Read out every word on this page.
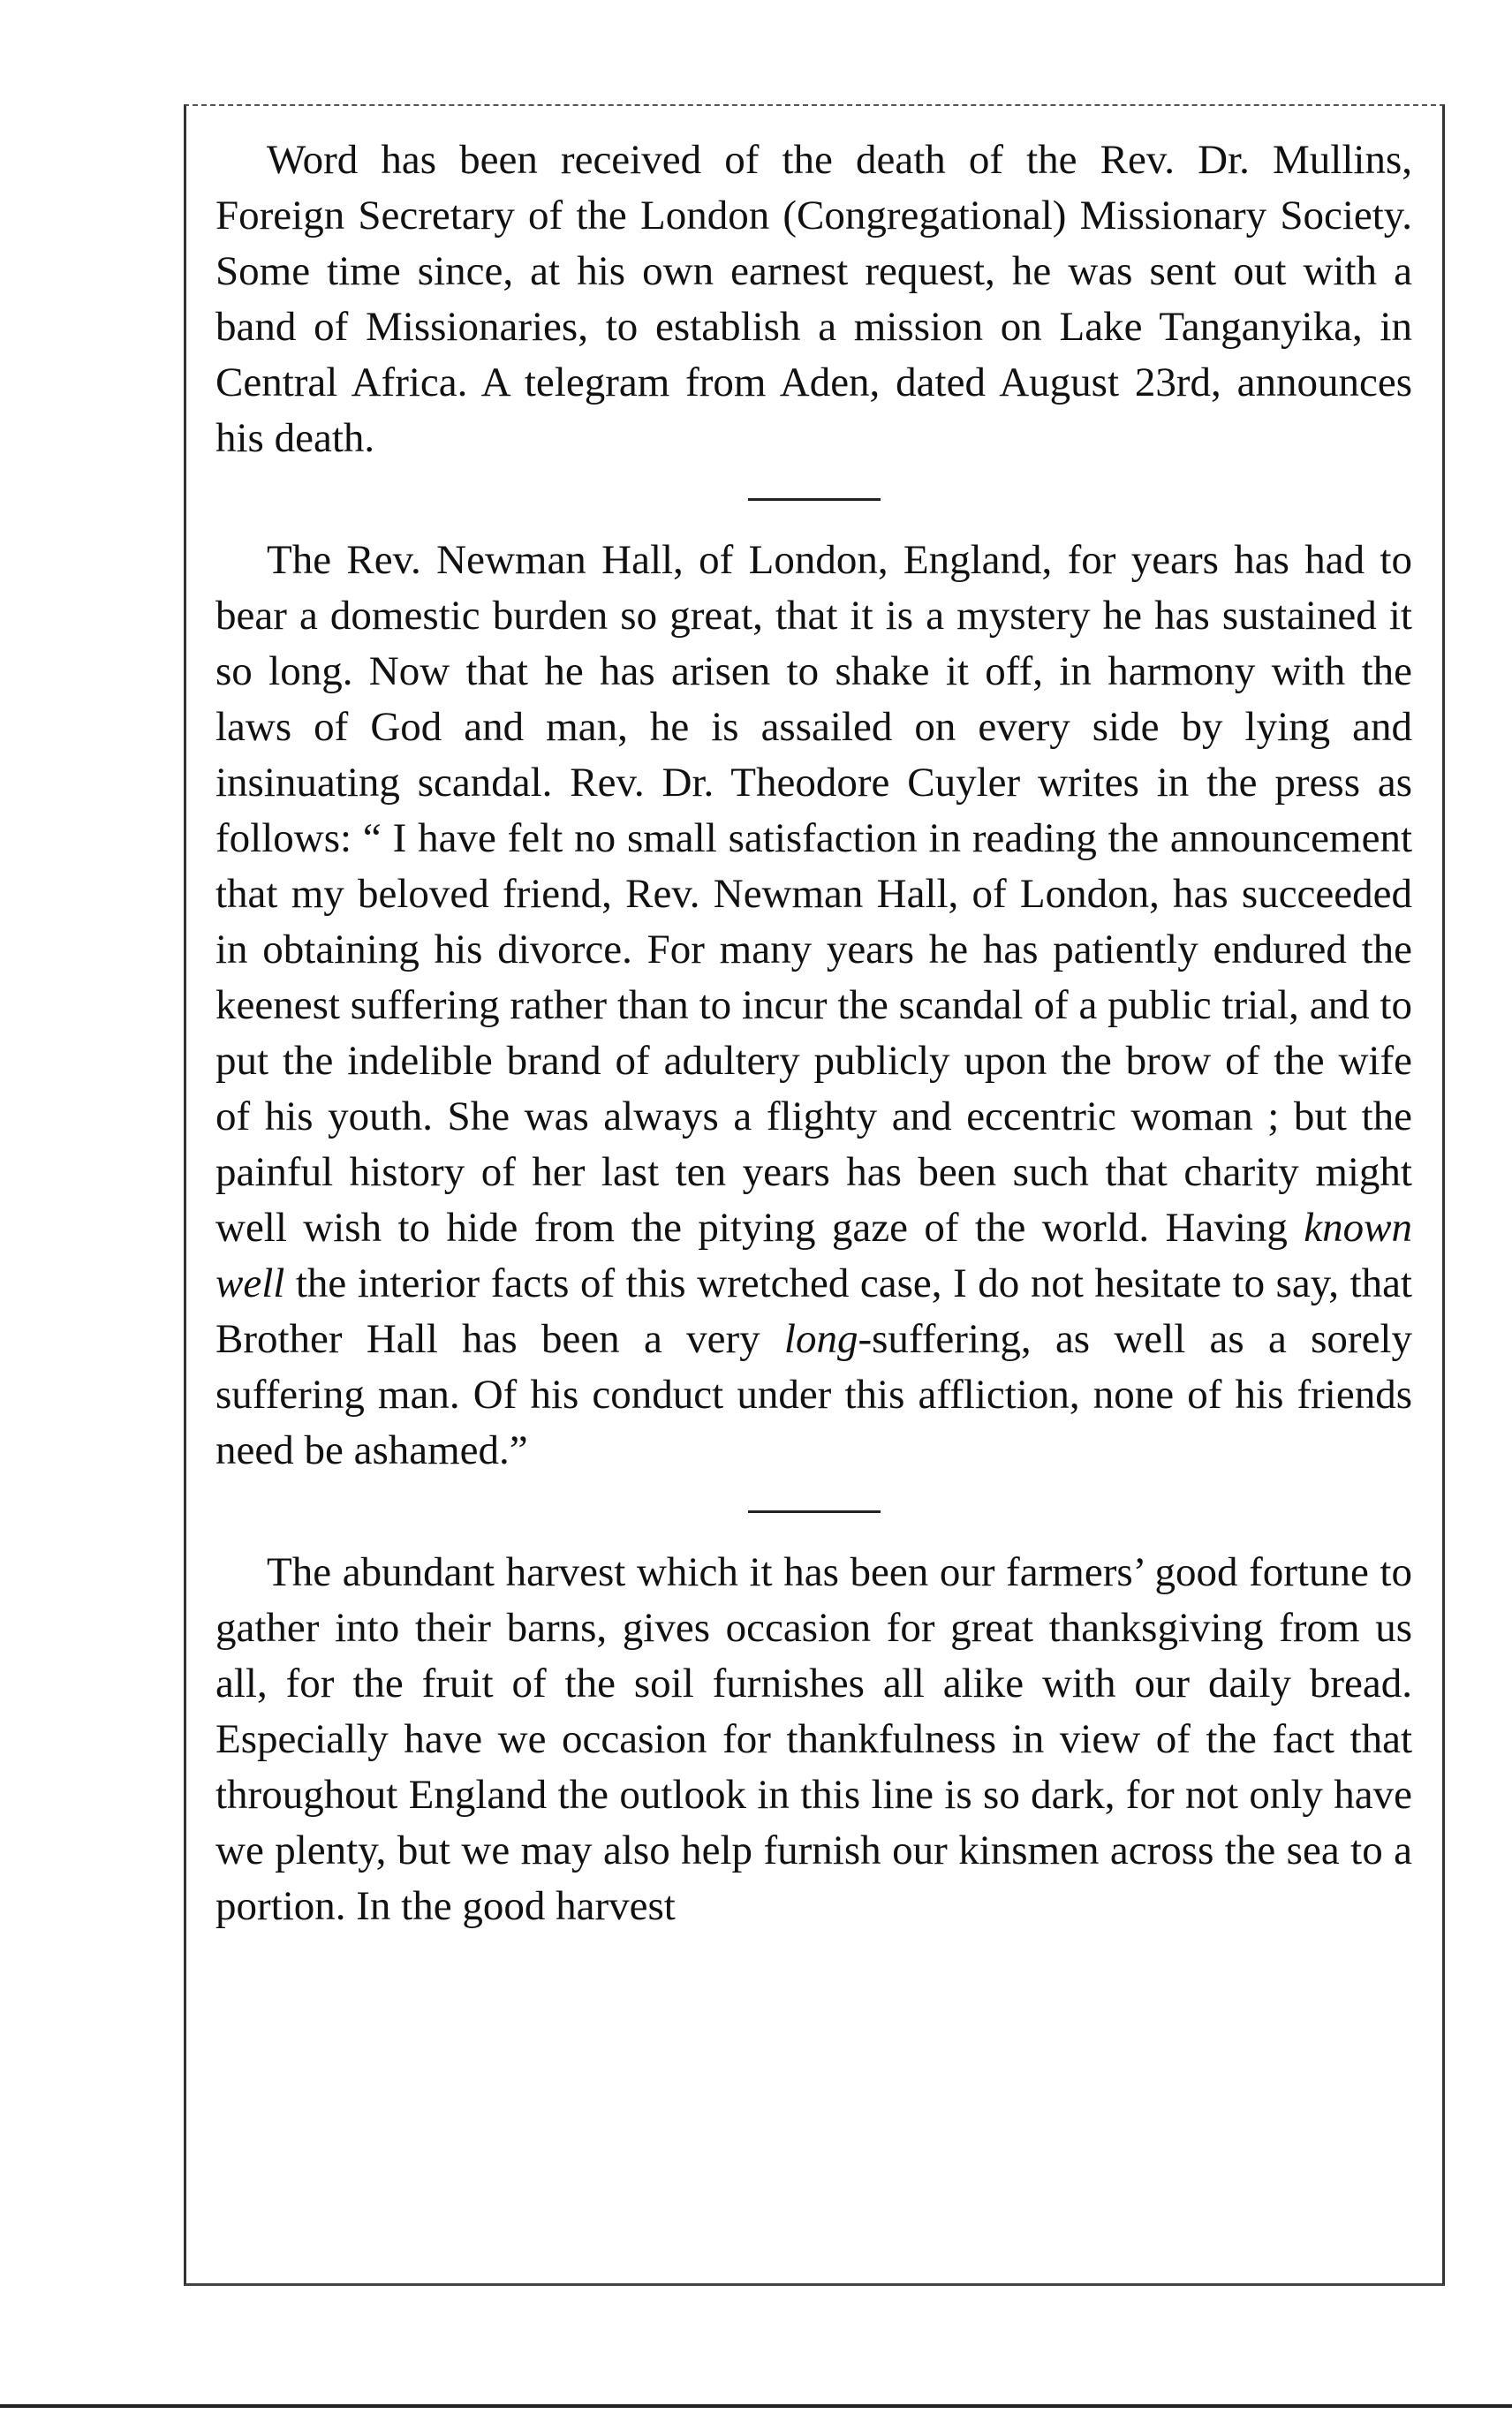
Word has been received of the death of the Rev. Dr. Mullins, Foreign Secretary of the London (Congregational) Missionary Society. Some time since, at his own earnest request, he was sent out with a band of Missionaries, to establish a mission on Lake Tanganyika, in Central Africa. A telegram from Aden, dated August 23rd, announces his death.

The Rev. Newman Hall, of London, England, for years has had to bear a domestic burden so great, that it is a mystery he has sustained it so long. Now that he has arisen to shake it off, in harmony with the laws of God and man, he is assailed on every side by lying and insinuating scandal. Rev. Dr. Theodore Cuyler writes in the press as follows: “ I have felt no small satisfaction in reading the announcement that my beloved friend, Rev. Newman Hall, of London, has succeeded in obtaining his divorce. For many years he has patiently endured the keenest suffering rather than to incur the scandal of a public trial, and to put the indelible brand of adultery publicly upon the brow of the wife of his youth. She was always a flighty and eccentric woman ; but the painful history of her last ten years has been such that charity might well wish to hide from the pitying gaze of the world. Having known well the interior facts of this wretched case, I do not hesitate to say, that Brother Hall has been a very long-suffering, as well as a sorely suffering man. Of his conduct under this affliction, none of his friends need be ashamed.”

The abundant harvest which it has been our farmers’ good fortune to gather into their barns, gives occasion for great thanksgiving from us all, for the fruit of the soil furnishes all alike with our daily bread. Especially have we occasion for thankfulness in view of the fact that throughout England the outlook in this line is so dark, for not only have we plenty, but we may also help furnish our kinsmen across the sea to a portion. In the good harvest
